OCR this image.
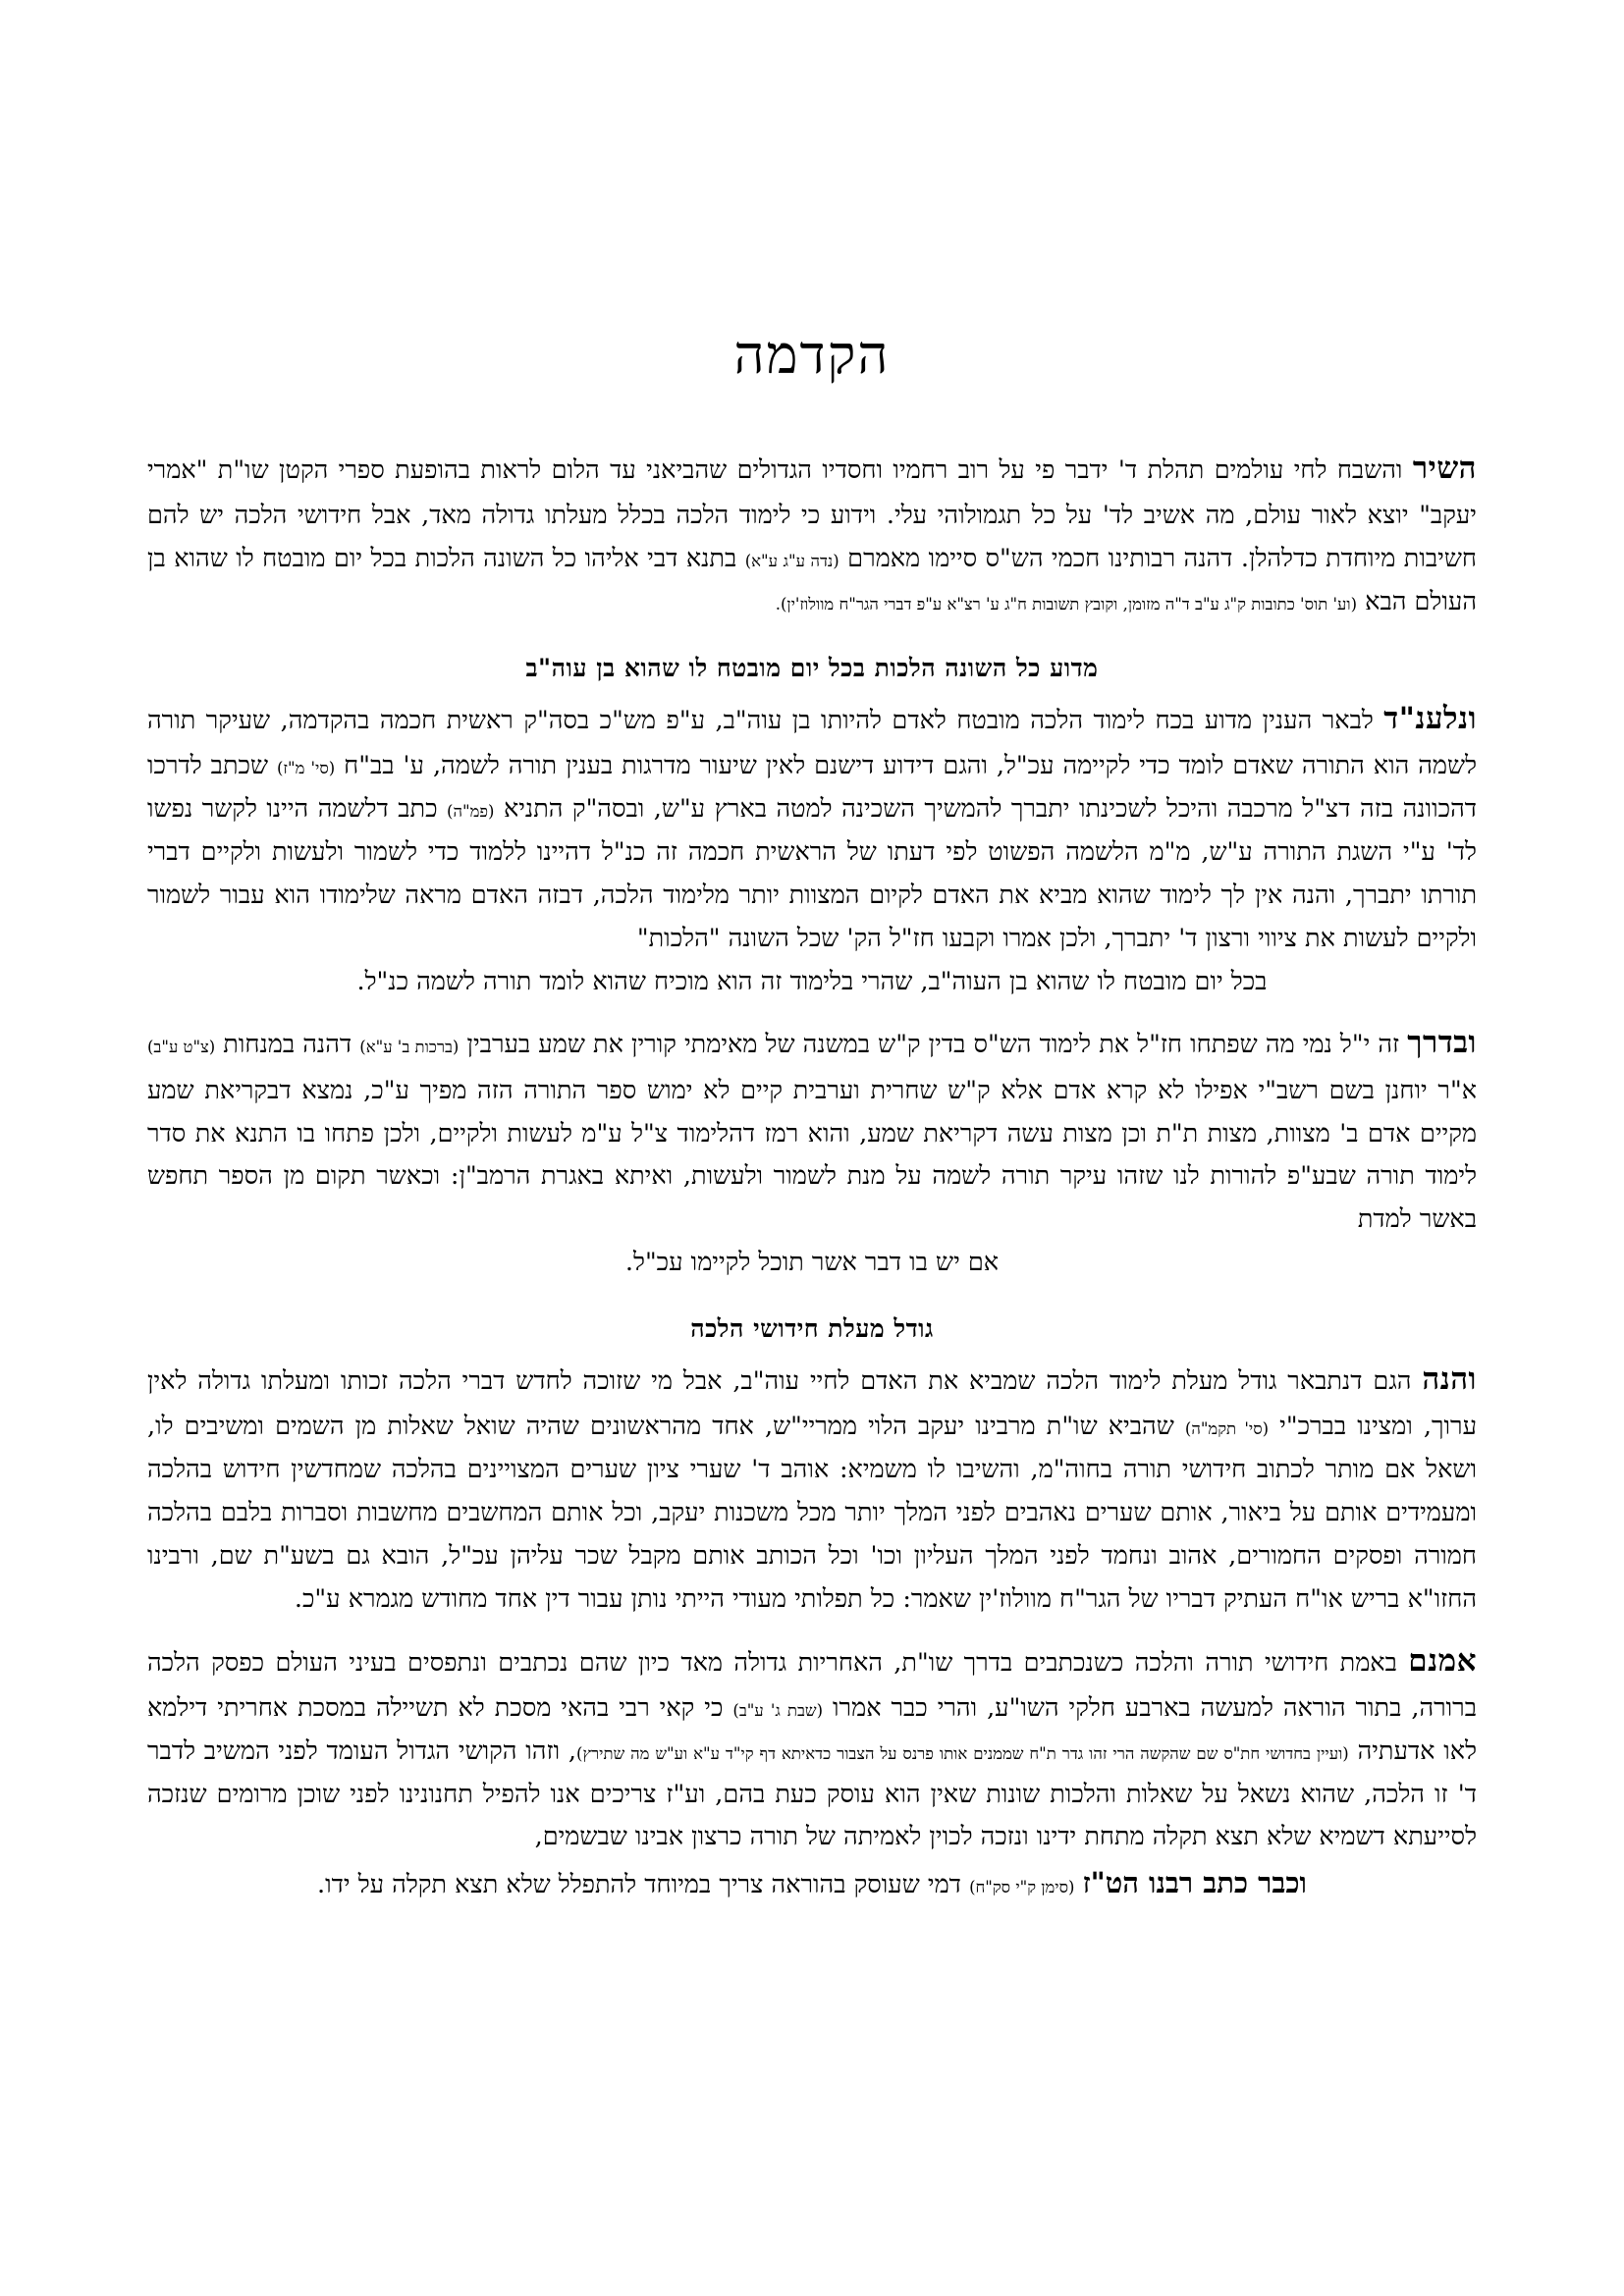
הקדמה

השיר והשבח לחי עולמים תהלת ד' ידבר פי על רוב רחמיו וחסדיו הגדולים שהביאני עד הלום לראות בהופעת ספרי הקטן שו"ת "אמרי יעקב" יוצא לאור עולם, מה אשיב לד' על כל תגמולוהי עלי. וידוע כי לימוד הלכה בכלל מעלתו גדולה מאד, אבל חידושי הלכה יש להם חשיבות מיוחדת כדלהלן. דהנה רבותינו חכמי הש"ס סיימו מאמרם (נדה ע"ג ע"א) בתנא דבי אליהו כל השונה הלכות בכל יום מובטח לו שהוא בן העולם הבא (וע' תוס' כתובות ק"ג ע"ב ד"ה מזומן, וקובץ תשובות ח"ג ע' רצ"א ע"פ דברי הגר"ח מוולוז'ין).

מדוע כל השונה הלכות בכל יום מובטח לו שהוא בן עוה"ב

ונלענ"ד לבאר הענין מדוע בכח לימוד הלכה מובטח לאדם להיותו בן עוה"ב, ע"פ מש"כ בסה"ק ראשית חכמה בהקדמה, שעיקר תורה לשמה הוא התורה שאדם לומד כדי לקיימה עכ"ל, והגם דידוע דישנם לאין שיעור מדרגות בענין תורה לשמה, ע' בב"ח (סי' מ"ז) שכתב לדרכו דהכוונה בזה דצ"ל מרכבה והיכל לשכינתו יתברך להמשיך השכינה למטה בארץ ע"ש, ובסה"ק התניא (פמ"ה) כתב דלשמה היינו לקשר נפשו לד' ע"י השגת התורה ע"ש, מ"מ הלשמה הפשוט לפי דעתו של הראשית חכמה זה כנ"ל דהיינו ללמוד כדי לשמור ולעשות ולקיים דברי תורתו יתברך, והנה אין לך לימוד שהוא מביא את האדם לקיום המצוות יותר מלימוד הלכה, דבזה האדם מראה שלימודו הוא עבור לשמור ולקיים לעשות את ציווי ורצון ד' יתברך, ולכן אמרו וקבעו חז"ל הק' שכל השונה "הלכות"
בכל יום מובטח לו שהוא בן העוה"ב, שהרי בלימוד זה הוא מוכיח שהוא לומד תורה לשמה כנ"ל.

ובדרך זה י"ל נמי מה שפתחו חז"ל את לימוד הש"ס בדין ק"ש במשנה של מאימתי קורין את שמע בערבין (ברכות ב' ע"א) דהנה במנחות (צ"ט ע"ב) א"ר יוחנן בשם רשב"י אפילו לא קרא אדם אלא ק"ש שחרית וערבית קיים לא ימוש ספר התורה הזה מפיך ע"כ, נמצא דבקריאת שמע מקיים אדם ב' מצוות, מצות ת"ת וכן מצות עשה דקריאת שמע, והוא רמז דהלימוד צ"ל ע"מ לעשות ולקיים, ולכן פתחו בו התנא את סדר לימוד תורה שבע"פ להורות לנו שזהו עיקר תורה לשמה על מנת לשמור ולעשות, ואיתא באגרת הרמב"ן: וכאשר תקום מן הספר תחפש באשר למדת
אם יש בו דבר אשר תוכל לקיימו עכ"ל.

גודל מעלת חידושי הלכה

והנה הגם דנתבאר גודל מעלת לימוד הלכה שמביא את האדם לחיי עוה"ב, אבל מי שזוכה לחדש דברי הלכה זכותו ומעלתו גדולה לאין ערוך, ומצינו בברכ"י (סי' תקמ"ה) שהביא שו"ת מרבינו יעקב הלוי ממריי"ש, אחד מהראשונים שהיה שואל שאלות מן השמים ומשיבים לו, ושאל אם מותר לכתוב חידושי תורה בחוה"מ, והשיבו לו משמיא: אוהב ד' שערי ציון שערים המצויינים בהלכה שמחדשין חידוש בהלכה ומעמידים אותם על ביאור, אותם שערים נאהבים לפני המלך יותר מכל משכנות יעקב, וכל אותם המחשבים מחשבות וסברות בלבם בהלכה חמורה ופסקים החמורים, אהוב ונחמד לפני המלך העליון וכו' וכל הכותב אותם מקבל שכר עליהן עכ"ל, הובא גם בשע"ת שם, ורבינו החזו"א בריש או"ח העתיק דבריו של הגר"ח מוולוז'ין שאמר: כל תפלותי מעודי הייתי נותן עבור דין אחד מחודש מגמרא ע"כ.

אמנם באמת חידושי תורה והלכה כשנכתבים בדרך שו"ת, האחריות גדולה מאד כיון שהם נכתבים ונתפסים בעיני העולם כפסק הלכה ברורה, בתור הוראה למעשה בארבע חלקי השו"ע, והרי כבר אמרו (שבת ג' ע"ב) כי קאי רבי בהאי מסכת לא תשיילה במסכת אחריתי דילמא לאו אדעתיה (ועיין בחדושי חת"ס שם שהקשה הרי זהו גדר ת"ח שממנים אותו פרנס על הצבור כדאיתא דף קי"ד ע"א וע"ש מה שתירץ), וזהו הקושי הגדול העומד לפני המשיב לדבר ד' זו הלכה, שהוא נשאל על שאלות והלכות שונות שאין הוא עוסק כעת בהם, וע"ז צריכים אנו להפיל תחנונינו לפני שוכן מרומים שנזכה לסייעתא דשמיא שלא תצא תקלה מתחת ידינו ונזכה לכוין לאמיתה של תורה כרצון אבינו שבשמים,
וכבר כתב רבנו הט"ז (סימן ק"י סק"ח) דמי שעוסק בהוראה צריך במיוחד להתפלל שלא תצא תקלה על ידו.
